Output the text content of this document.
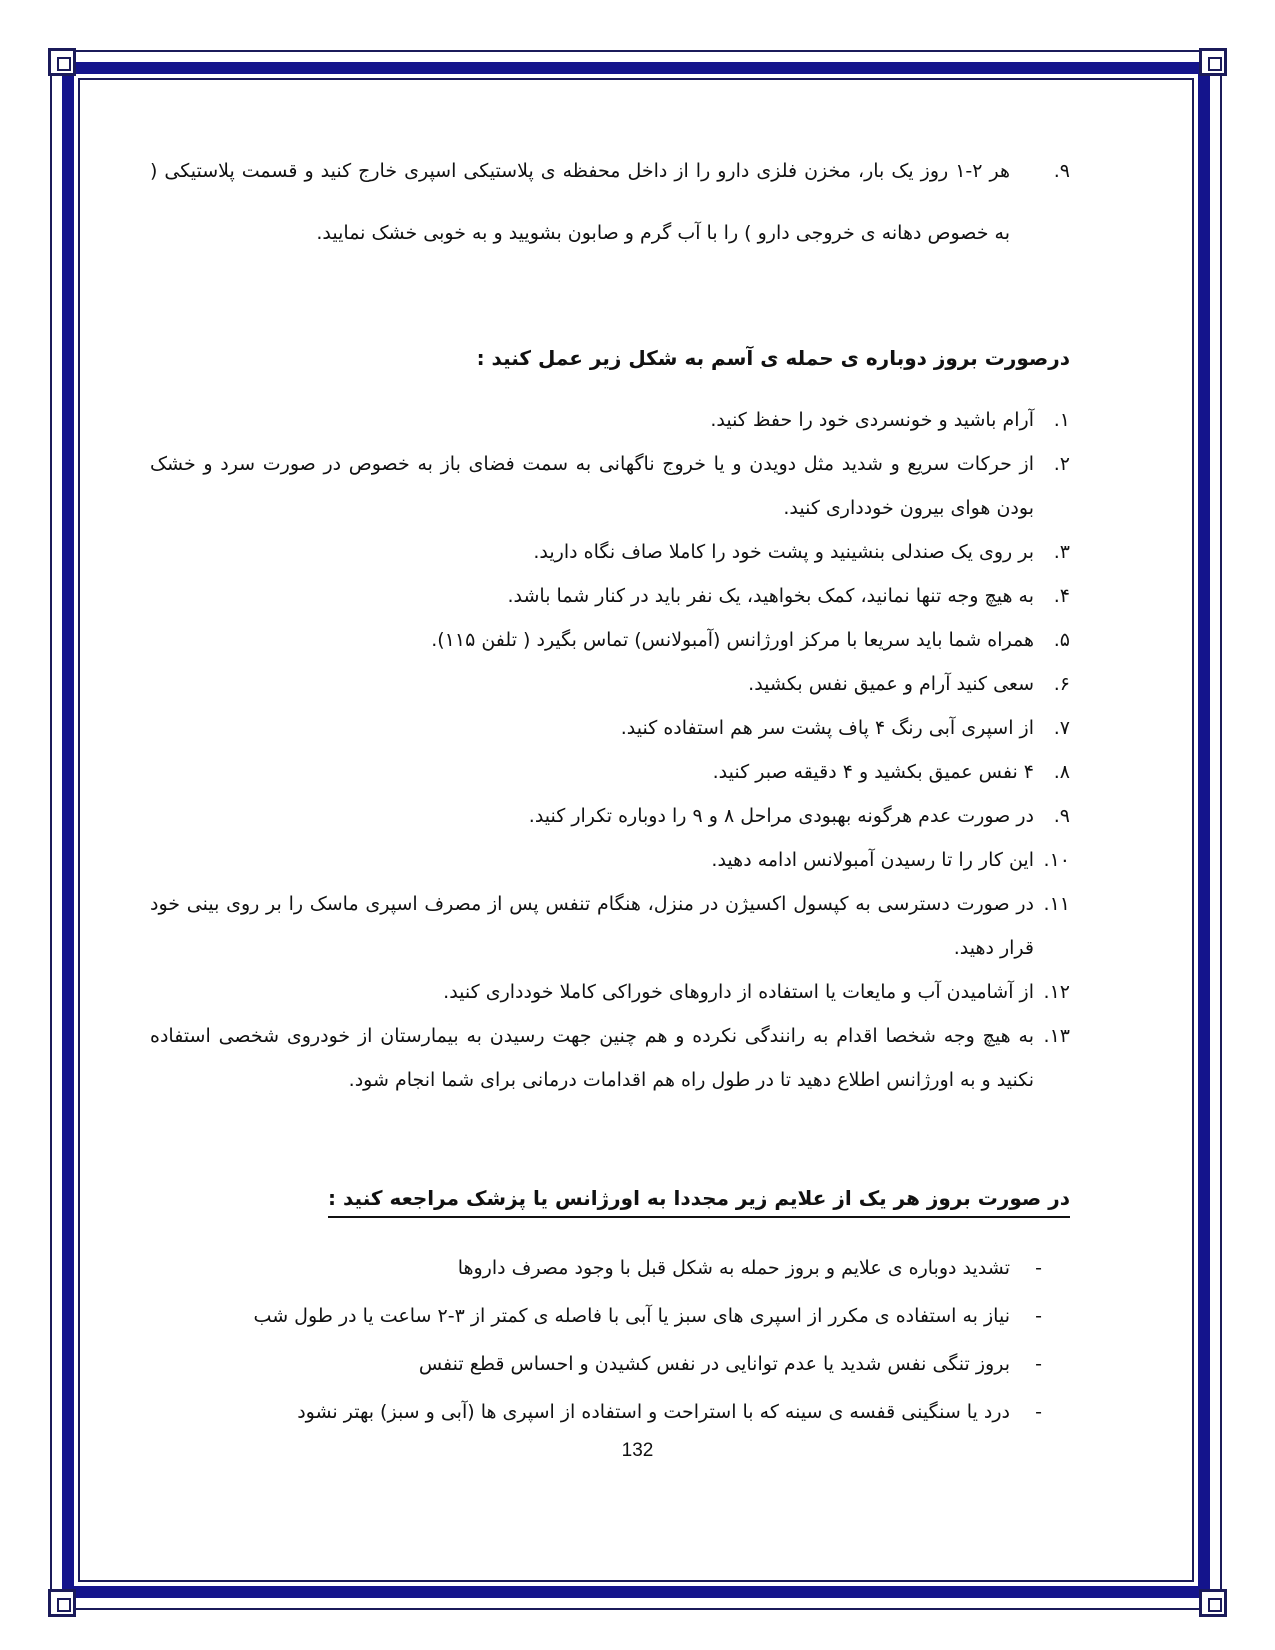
۹.
هر ۲-۱ روز یک بار، مخزن فلزی دارو را از داخل محفظه ی پلاستیکی اسپری خارج کنید و قسمت پلاستیکی ( به خصوص دهانه ی خروجی دارو ) را با آب گرم و صابون بشویید و به خوبی خشک نمایید.

درصورت بروز دوباره ی حمله ی آسم به شکل زیر عمل کنید :

۱.
آرام باشید و خونسردی خود را حفظ کنید.
۲.
از حرکات سریع و شدید مثل دویدن و یا خروج ناگهانی به سمت فضای باز به خصوص در صورت سرد و خشک بودن هوای بیرون خودداری کنید.
۳.
بر روی یک صندلی بنشینید و پشت خود را کاملا صاف نگاه دارید.
۴.
به هیچ وجه تنها نمانید، کمک بخواهید، یک نفر باید در کنار شما باشد.
۵.
همراه شما باید سریعا با مرکز اورژانس (آمبولانس) تماس بگیرد ( تلفن ۱۱۵).
۶.
سعی کنید آرام و عمیق نفس بکشید.
۷.
از اسپری آبی رنگ ۴ پاف پشت سر هم استفاده کنید.
۸.
۴ نفس عمیق بکشید و ۴ دقیقه صبر کنید.
۹.
در صورت عدم هرگونه بهبودی مراحل ۸ و ۹ را دوباره تکرار کنید.
۱۰.
این کار را تا رسیدن آمبولانس ادامه دهید.
۱۱.
در صورت دسترسی به کپسول اکسیژن در منزل، هنگام تنفس پس از مصرف اسپری ماسک را بر روی بینی خود قرار دهید.
۱۲.
از آشامیدن آب و مایعات یا استفاده از داروهای خوراکی کاملا خودداری کنید.
۱۳.
به هیچ وجه شخصا اقدام به رانندگی نکرده و هم چنین جهت رسیدن به بیمارستان از خودروی شخصی استفاده نکنید و به اورژانس اطلاع دهید تا در طول راه هم اقدامات درمانی برای شما انجام شود.

در صورت بروز هر یک از علایم زیر مجددا به اورژانس یا پزشک مراجعه کنید :

-
تشدید دوباره ی علایم و بروز حمله به شکل قبل با وجود مصرف داروها
-
نیاز به استفاده ی مکرر از اسپری های سبز یا آبی با فاصله ی کمتر از ۳-۲ ساعت یا در طول شب
-
بروز تنگی نفس شدید یا عدم توانایی در نفس کشیدن و احساس قطع تنفس
-
درد یا سنگینی قفسه ی سینه که با استراحت و استفاده از اسپری ها (آبی و سبز) بهتر نشود
132
